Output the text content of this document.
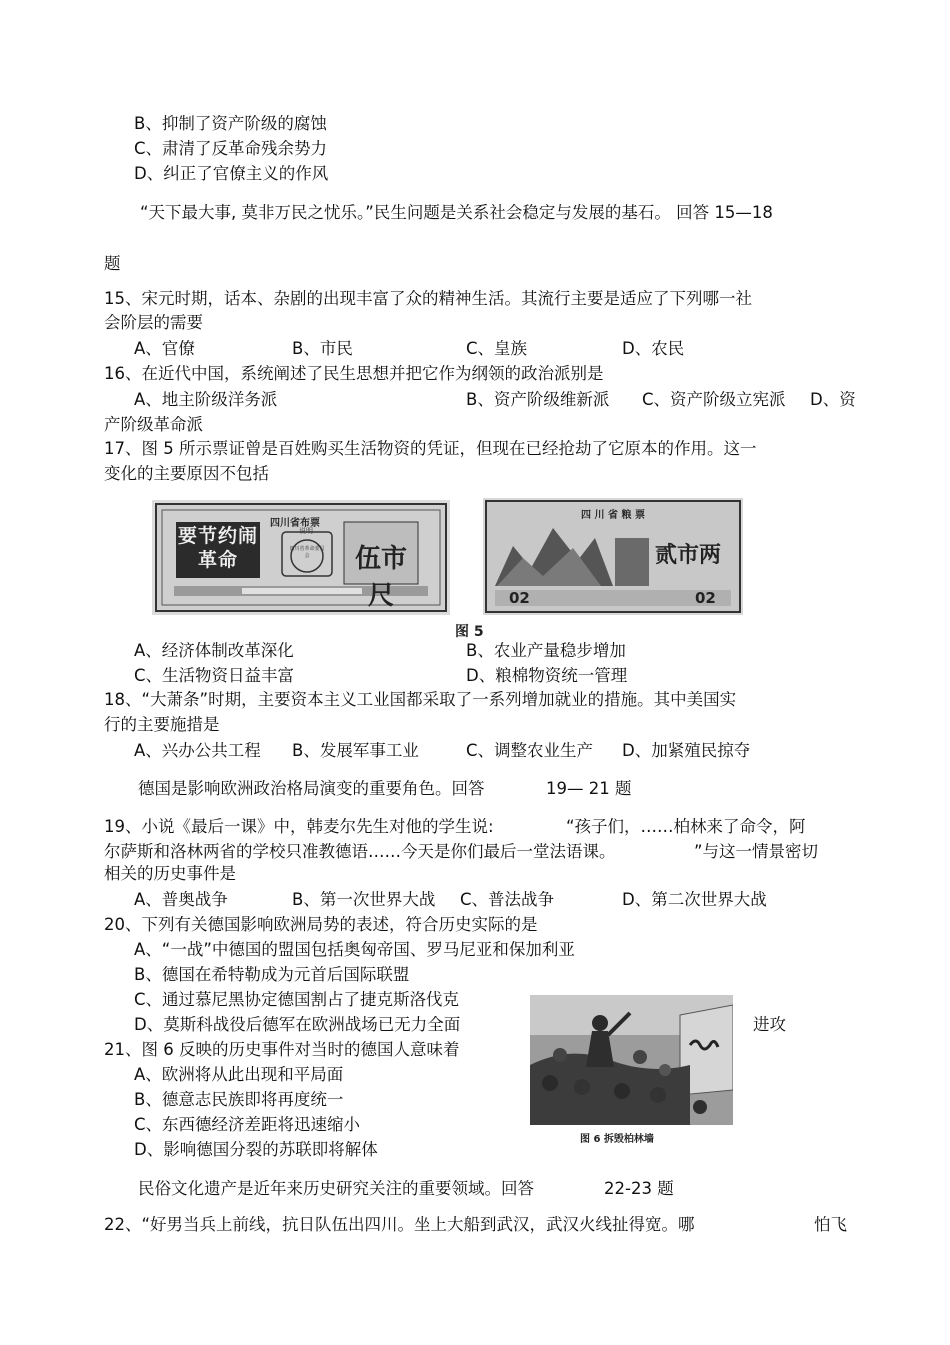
B、抑制了资产阶级的腐蚀
C、肃清了反革命残余势力
D、纠正了官僚主义的作风
“天下最大事, 莫非万民之忧乐。”民生问题是关系社会稳定与发展的基石。 回答 15—18
题
15、宋元时期，话本、杂剧的出现丰富了众的精神生活。其流行主要是适应了下列哪一社
会阶层的需要
A、官僚	B、市民	C、皇族	D、农民
16、在近代中国，系统阐述了民生思想并把它作为纲领的政治派别是
A、地主阶级洋务派	B、资产阶级维新派 C、资产阶级立宪派 D、资
产阶级革命派
17、图 5 所示票证曾是百姓购买生活物资的凭证，但现在已经抢劫了它原本的作用。这一
变化的主要原因不包括
要节约闹革命
四川省布票
说明
四川省革命委员会	伍市尺
四 川 省 粮 票
贰市两
02	02
图 5
A、经济体制改革深化	B、农业产量稳步增加
C、生活物资日益丰富	D、粮棉物资统一管理
18、“大萧条”时期，主要资本主义工业国都采取了一系列增加就业的措施。其中美国实
行的主要施措是
A、兴办公共工程 B、发展军事工业	C、调整农业生产 D、加紧殖民掠夺
德国是影响欧洲政治格局演变的重要角色。回答	19— 21 题
19、小说《最后一课》中，韩麦尔先生对他的学生说:	“孩子们，……柏林来了命令，阿
尔萨斯和洛林两省的学校只准教德语……今天是你们最后一堂法语课。	”与这一情景密切
相关的历史事件是
A、普奥战争	B、第一次世界大战 C、普法战争	D、第二次世界大战
20、下列有关德国影响欧洲局势的表述，符合历史实际的是
A、“一战”中德国的盟国包括奥匈帝国、罗马尼亚和保加利亚
B、德国在希特勒成为元首后国际联盟
C、通过慕尼黑协定德国割占了捷克斯洛伐克
D、莫斯科战役后德军在欧洲战场已无力全面	进攻
图 6 拆毁柏林墙
21、图 6 反映的历史事件对当时的德国人意味着
A、欧洲将从此出现和平局面
B、德意志民族即将再度统一
C、东西德经济差距将迅速缩小
D、影响德国分裂的苏联即将解体
民俗文化遗产是近年来历史研究关注的重要领域。回答	22-23 题
22、“好男当兵上前线，抗日队伍出四川。坐上大船到武汉，武汉火线扯得宽。哪	怕飞
